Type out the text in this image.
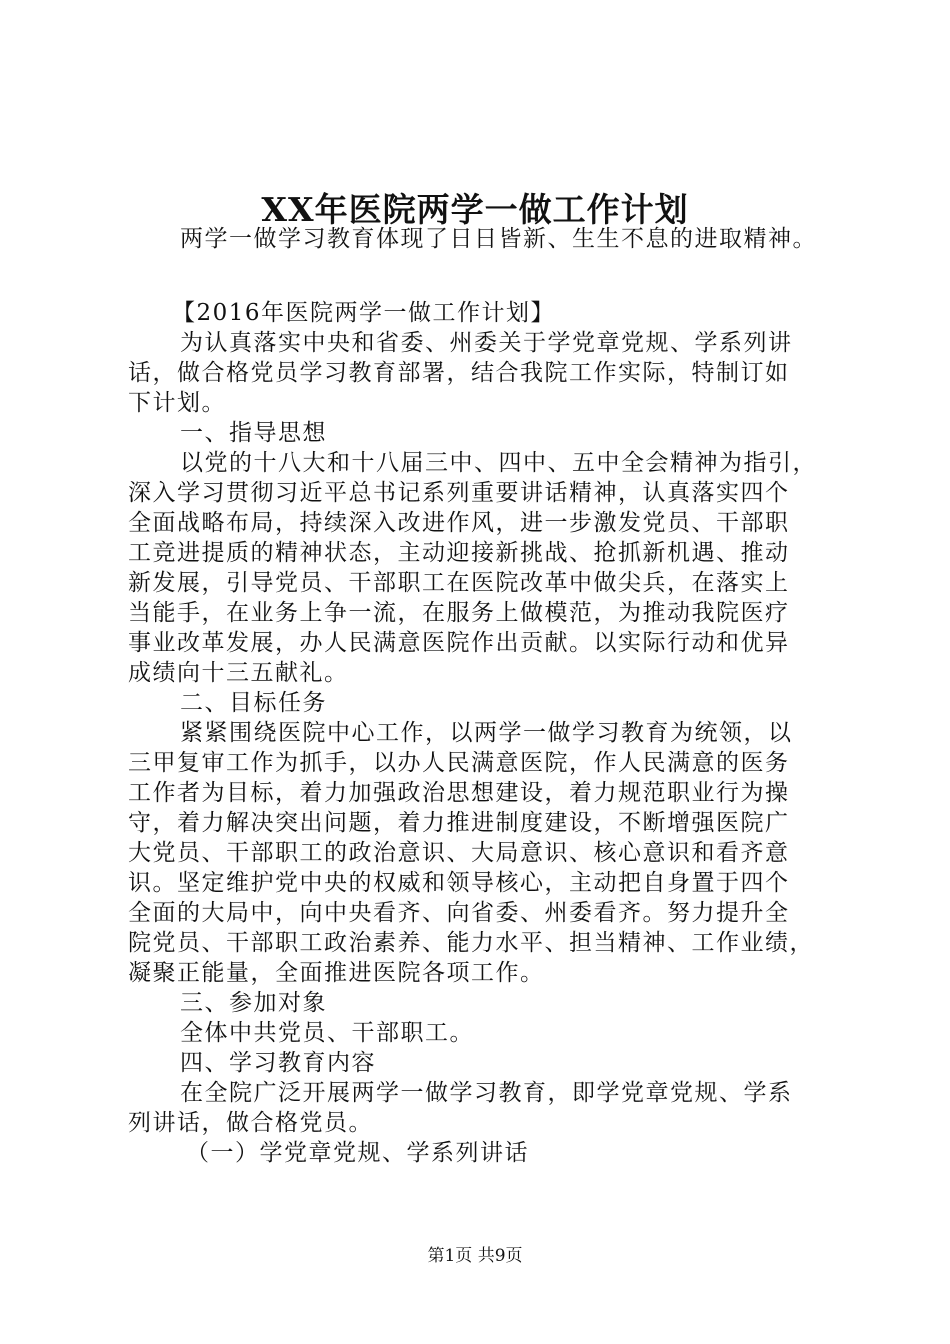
XX年医院两学一做工作计划
两学一做学习教育体现了日日皆新、生生不息的进取精神。
【2016年医院两学一做工作计划】
为认真落实中央和省委、州委关于学党章党规、学系列讲
话，做合格党员学习教育部署，结合我院工作实际，特制订如
下计划。
一、指导思想
以党的十八大和十八届三中、四中、五中全会精神为指引，
深入学习贯彻习近平总书记系列重要讲话精神，认真落实四个
全面战略布局，持续深入改进作风，进一步激发党员、干部职
工竞进提质的精神状态，主动迎接新挑战、抢抓新机遇、推动
新发展，引导党员、干部职工在医院改革中做尖兵，在落实上
当能手，在业务上争一流，在服务上做模范，为推动我院医疗
事业改革发展，办人民满意医院作出贡献。以实际行动和优异
成绩向十三五献礼。
二、目标任务
紧紧围绕医院中心工作，以两学一做学习教育为统领，以
三甲复审工作为抓手，以办人民满意医院，作人民满意的医务
工作者为目标，着力加强政治思想建设，着力规范职业行为操
守，着力解决突出问题，着力推进制度建设，不断增强医院广
大党员、干部职工的政治意识、大局意识、核心意识和看齐意
识。坚定维护党中央的权威和领导核心，主动把自身置于四个
全面的大局中，向中央看齐、向省委、州委看齐。努力提升全
院党员、干部职工政治素养、能力水平、担当精神、工作业绩，
凝聚正能量，全面推进医院各项工作。
三、参加对象
全体中共党员、干部职工。
四、学习教育内容
在全院广泛开展两学一做学习教育，即学党章党规、学系
列讲话，做合格党员。
（一）学党章党规、学系列讲话
第1页 共9页
